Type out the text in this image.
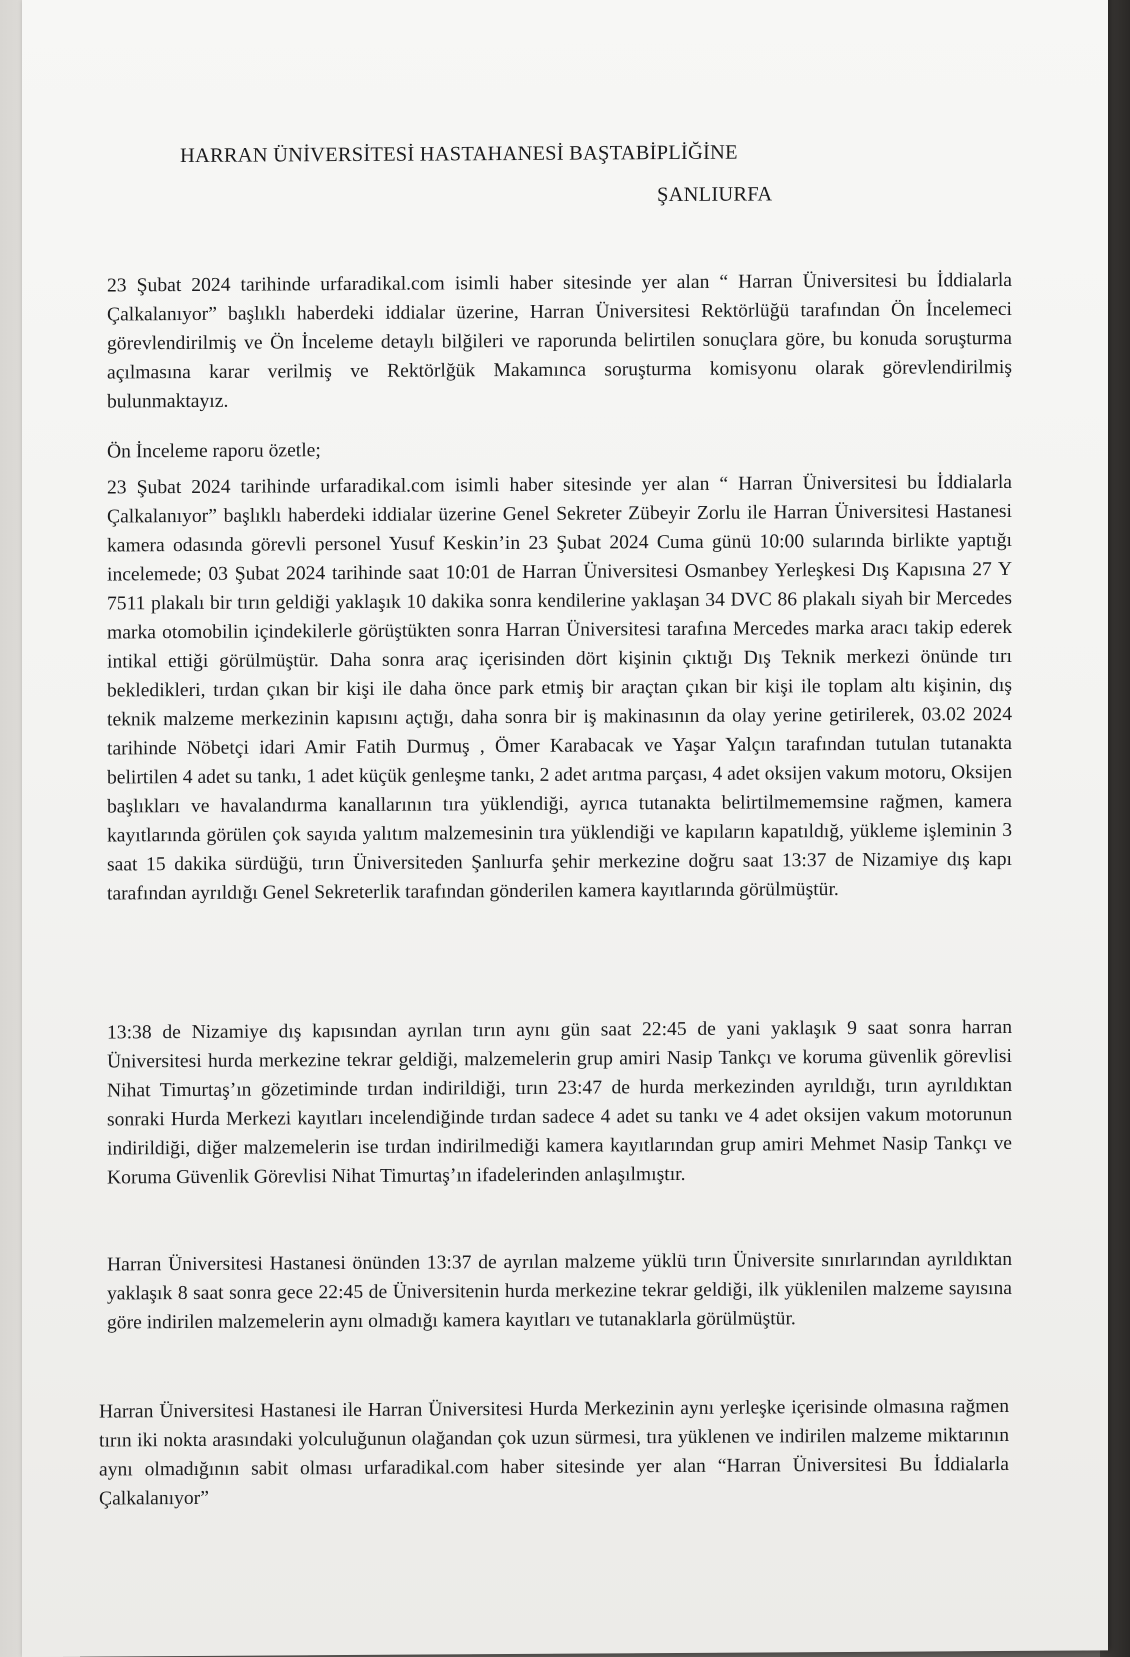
HARRAN ÜNİVERSİTESİ HASTAHANESİ BAŞTABİPLİĞİNE
ŞANLIURFA
23 Şubat 2024 tarihinde urfaradikal.com isimli haber sitesinde yer alan “ Harran Üniversitesi bu İddialarla Çalkalanıyor” başlıklı haberdeki iddialar üzerine, Harran Üniversitesi Rektörlüğü tarafından Ön İncelemeci görevlendirilmiş ve Ön İnceleme detaylı bilğileri ve raporunda belirtilen sonuçlara göre, bu konuda soruşturma açılmasına karar verilmiş ve Rektörlğük Makamınca soruşturma komisyonu olarak görevlendirilmiş bulunmaktayız.
Ön İnceleme raporu özetle;
23 Şubat 2024 tarihinde urfaradikal.com isimli haber sitesinde yer alan “ Harran Üniversitesi bu İddialarla Çalkalanıyor” başlıklı haberdeki iddialar üzerine Genel Sekreter Zübeyir Zorlu ile Harran Üniversitesi Hastanesi kamera odasında görevli personel Yusuf Keskin’in 23 Şubat 2024 Cuma günü 10:00 sularında birlikte yaptığı incelemede; 03 Şubat 2024 tarihinde saat 10:01 de Harran Üniversitesi Osmanbey Yerleşkesi Dış Kapısına 27 Y 7511 plakalı bir tırın geldiği yaklaşık 10 dakika sonra kendilerine yaklaşan 34 DVC 86 plakalı siyah bir Mercedes marka otomobilin içindekilerle görüştükten sonra Harran Üniversitesi tarafına Mercedes marka aracı takip ederek intikal ettiği görülmüştür. Daha sonra araç içerisinden dört kişinin çıktığı Dış Teknik merkezi önünde tırı bekledikleri, tırdan çıkan bir kişi ile daha önce park etmiş bir araçtan çıkan bir kişi ile toplam altı kişinin, dış teknik malzeme merkezinin kapısını açtığı, daha sonra bir iş makinasının da olay yerine getirilerek, 03.02 2024 tarihinde Nöbetçi idari Amir Fatih Durmuş , Ömer Karabacak ve Yaşar Yalçın tarafından tutulan tutanakta belirtilen 4 adet su tankı, 1 adet küçük genleşme tankı, 2 adet arıtma parçası, 4 adet oksijen vakum motoru, Oksijen başlıkları ve havalandırma kanallarının tıra yüklendiği, ayrıca tutanakta belirtilmememsine rağmen, kamera kayıtlarında görülen çok sayıda yalıtım malzemesinin tıra yüklendiği ve kapıların kapatıldığ, yükleme işleminin 3 saat 15 dakika sürdüğü, tırın Üniversiteden Şanlıurfa şehir merkezine doğru saat 13:37 de Nizamiye dış kapı tarafından ayrıldığı Genel Sekreterlik tarafından gönderilen kamera kayıtlarında görülmüştür.
13:38 de Nizamiye dış kapısından ayrılan tırın aynı gün saat 22:45 de yani yaklaşık 9 saat sonra harran Üniversitesi hurda merkezine tekrar geldiği, malzemelerin grup amiri Nasip Tankçı ve koruma güvenlik görevlisi Nihat Timurtaş’ın gözetiminde tırdan indirildiği, tırın 23:47 de hurda merkezinden ayrıldığı, tırın ayrıldıktan sonraki Hurda Merkezi kayıtları incelendiğinde tırdan sadece 4 adet su tankı ve 4 adet oksijen vakum motorunun indirildiği, diğer malzemelerin ise tırdan indirilmediği kamera kayıtlarından grup amiri Mehmet Nasip Tankçı ve Koruma Güvenlik Görevlisi Nihat Timurtaş’ın ifadelerinden anlaşılmıştır.
Harran Üniversitesi Hastanesi önünden 13:37 de ayrılan malzeme yüklü tırın Üniversite sınırlarından ayrıldıktan yaklaşık 8 saat sonra gece 22:45 de Üniversitenin hurda merkezine tekrar geldiği, ilk yüklenilen malzeme sayısına göre indirilen malzemelerin aynı olmadığı kamera kayıtları ve tutanaklarla görülmüştür.
Harran Üniversitesi Hastanesi ile Harran Üniversitesi Hurda Merkezinin aynı yerleşke içerisinde olmasına rağmen tırın iki nokta arasındaki yolculuğunun olağandan çok uzun sürmesi, tıra yüklenen ve indirilen malzeme miktarının aynı olmadığının sabit olması urfaradikal.com haber sitesinde yer alan “Harran Üniversitesi Bu İddialarla Çalkalanıyor”
